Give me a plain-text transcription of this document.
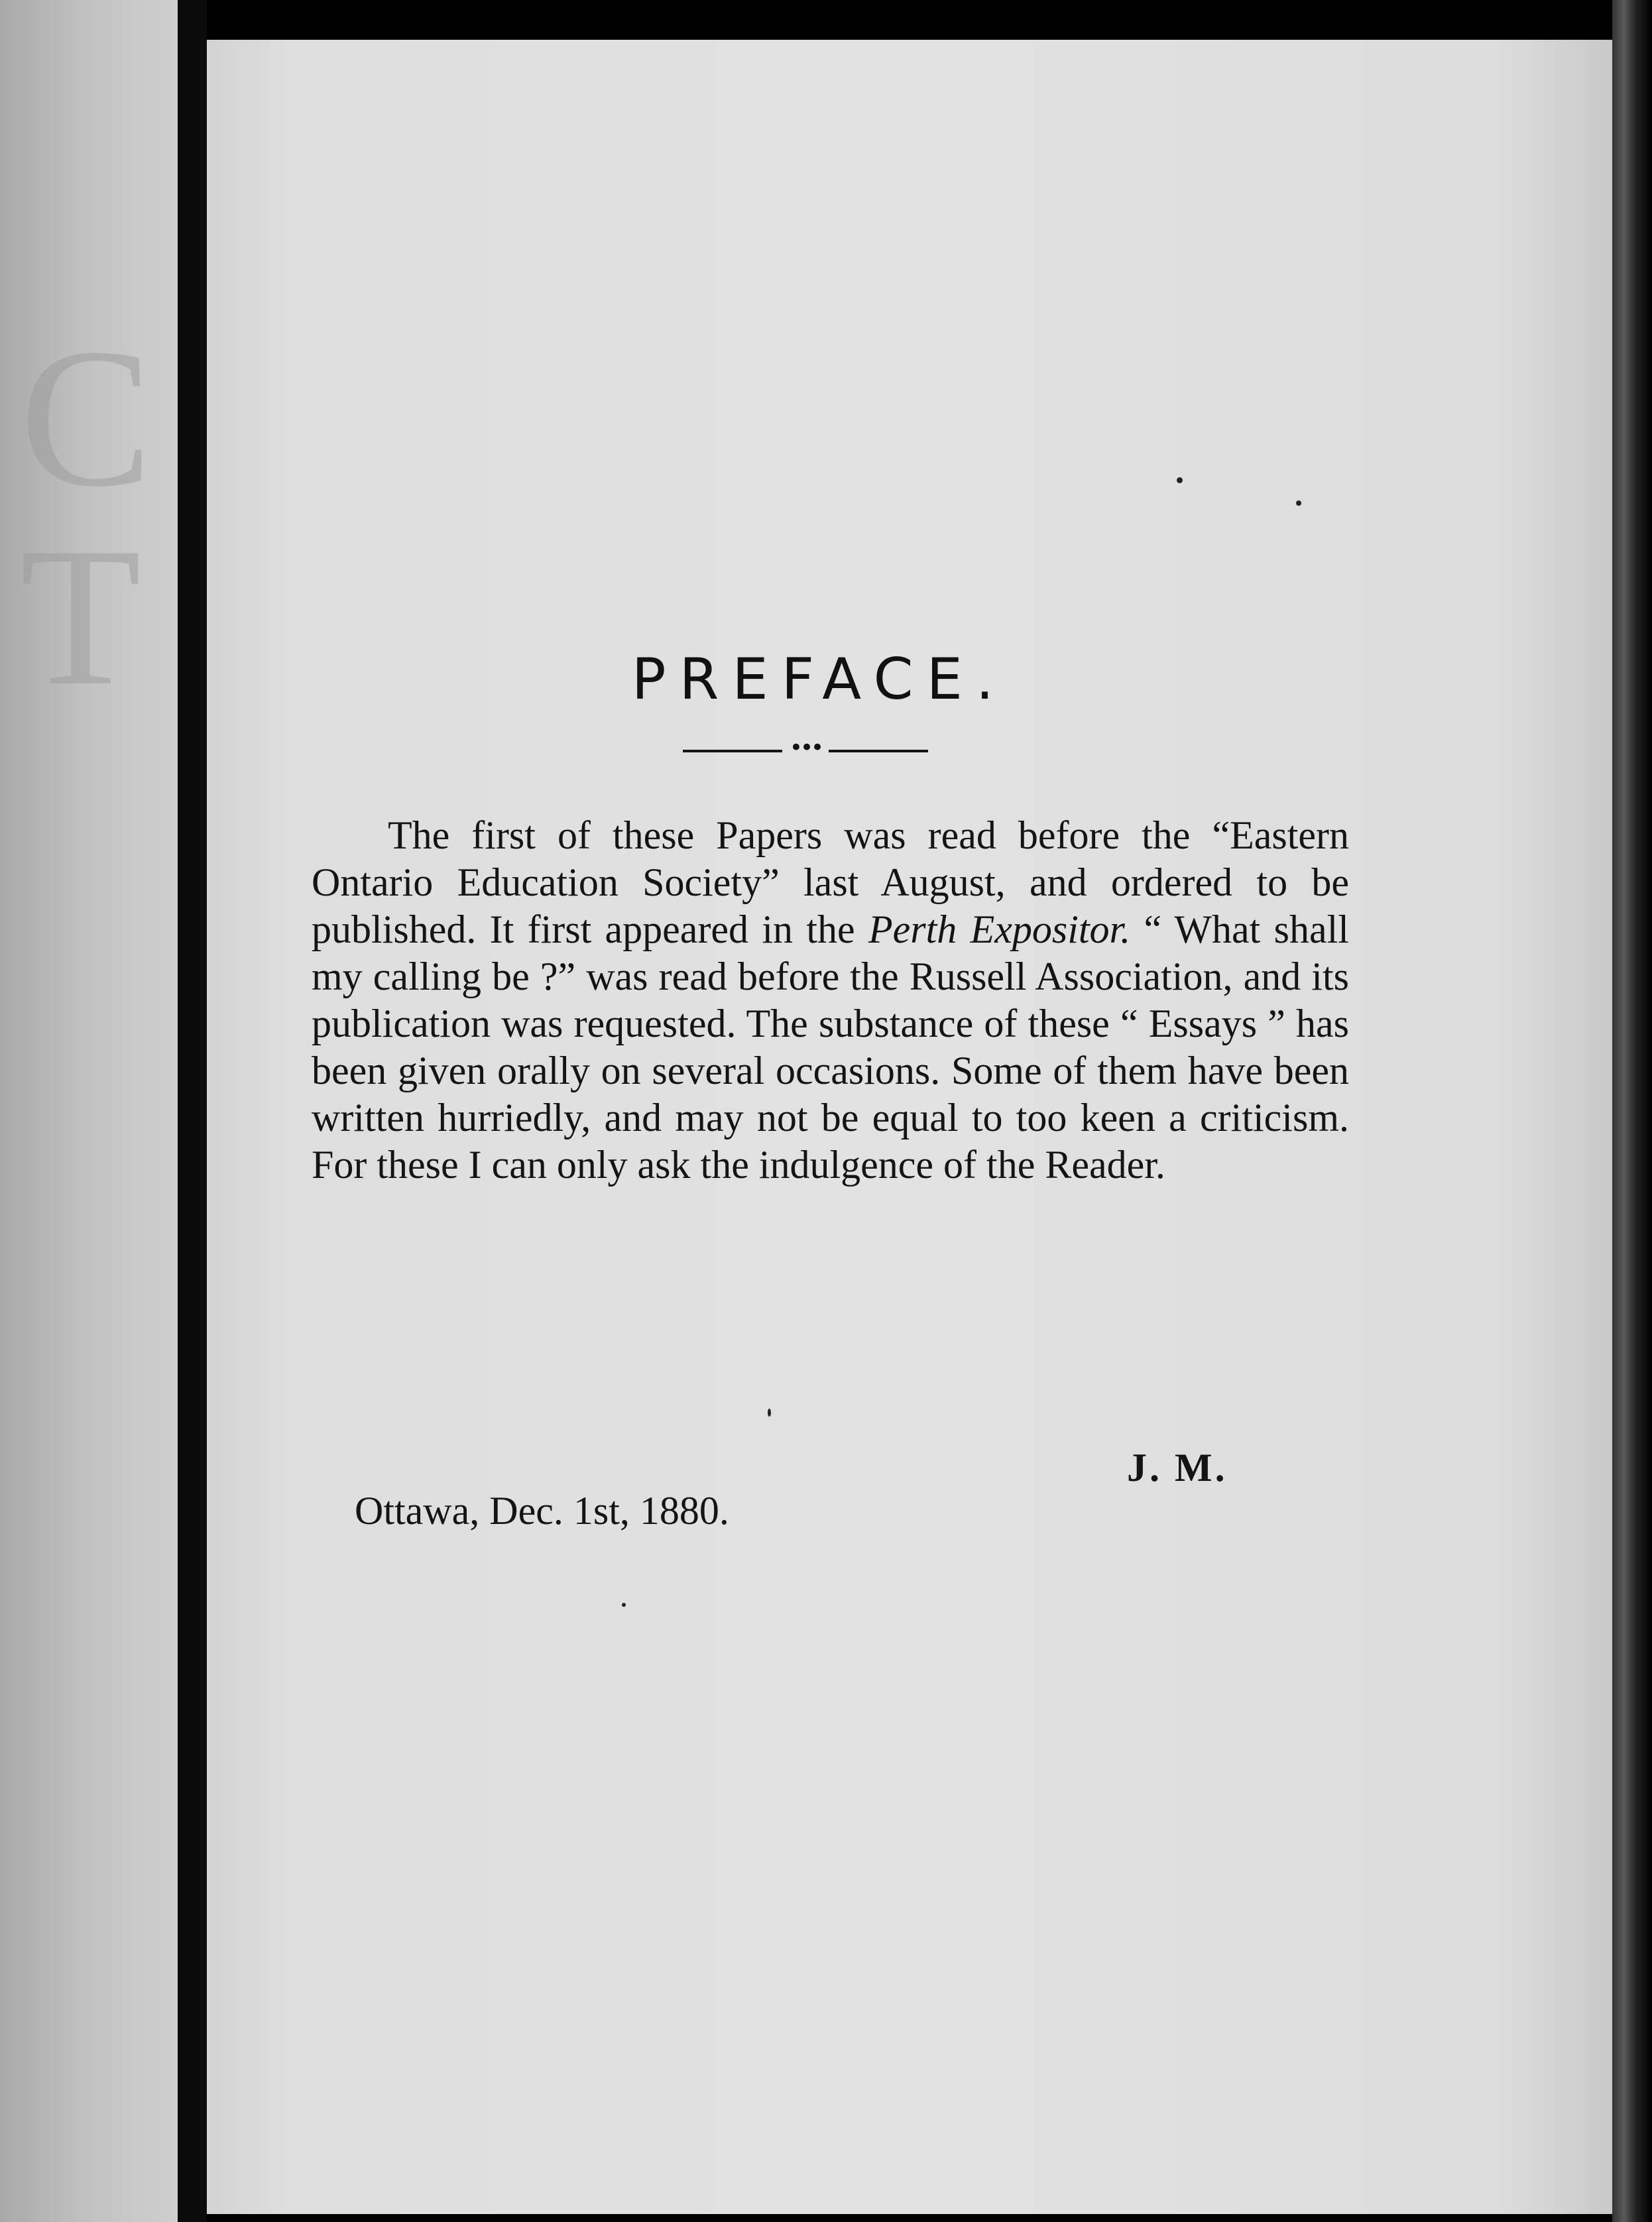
C
T	PREFACE.
•••

The first of these Papers was read before the “Eastern Ontario Education Society” last August, and ordered to be published. It first appeared in the Perth Expositor. “ What shall my calling be ?” was read before the Russell Association, and its publication was requested. The substance of these “ Essays ” has been given orally on several occasions. Some of them have been written hurriedly, and may not be equal to too keen a criticism. For these I can only ask the indulgence of the Reader.

J. M.
Ottawa, Dec. 1st, 1880.
